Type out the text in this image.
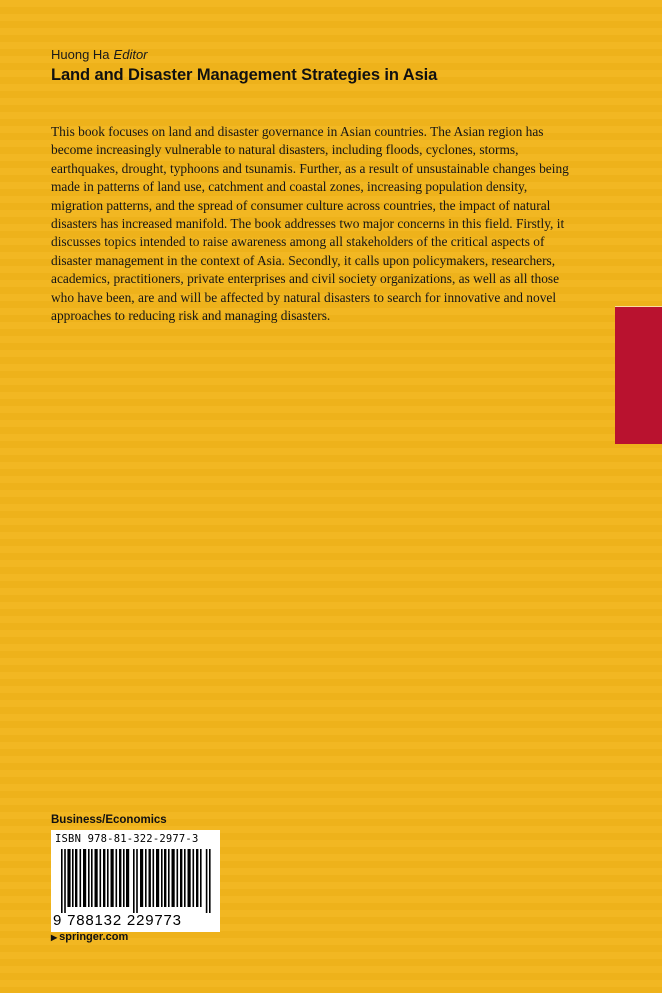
Huong Ha Editor
Land and Disaster Management Strategies in Asia

This book focuses on land and disaster governance in Asian countries. The Asian region has become increasingly vulnerable to natural disasters, including floods, cyclones, storms, earthquakes, drought, typhoons and tsunamis. Further, as a result of unsustainable changes being made in patterns of land use, catchment and coastal zones, increasing population density, migration patterns, and the spread of consumer culture across countries, the impact of natural disasters has increased manifold. The book addresses two major concerns in this field. Firstly, it discusses topics intended to raise awareness among all stakeholders of the critical aspects of disaster management in the context of Asia. Secondly, it calls upon policymakers, researchers, academics, practitioners, private enterprises and civil society organizations, as well as all those who have been, are and will be affected by natural disasters to search for innovative and novel approaches to reducing risk and managing disasters.

Business/Economics
ISBN 978-81-322-2977-3
9 788132 229773
▶ springer.com
